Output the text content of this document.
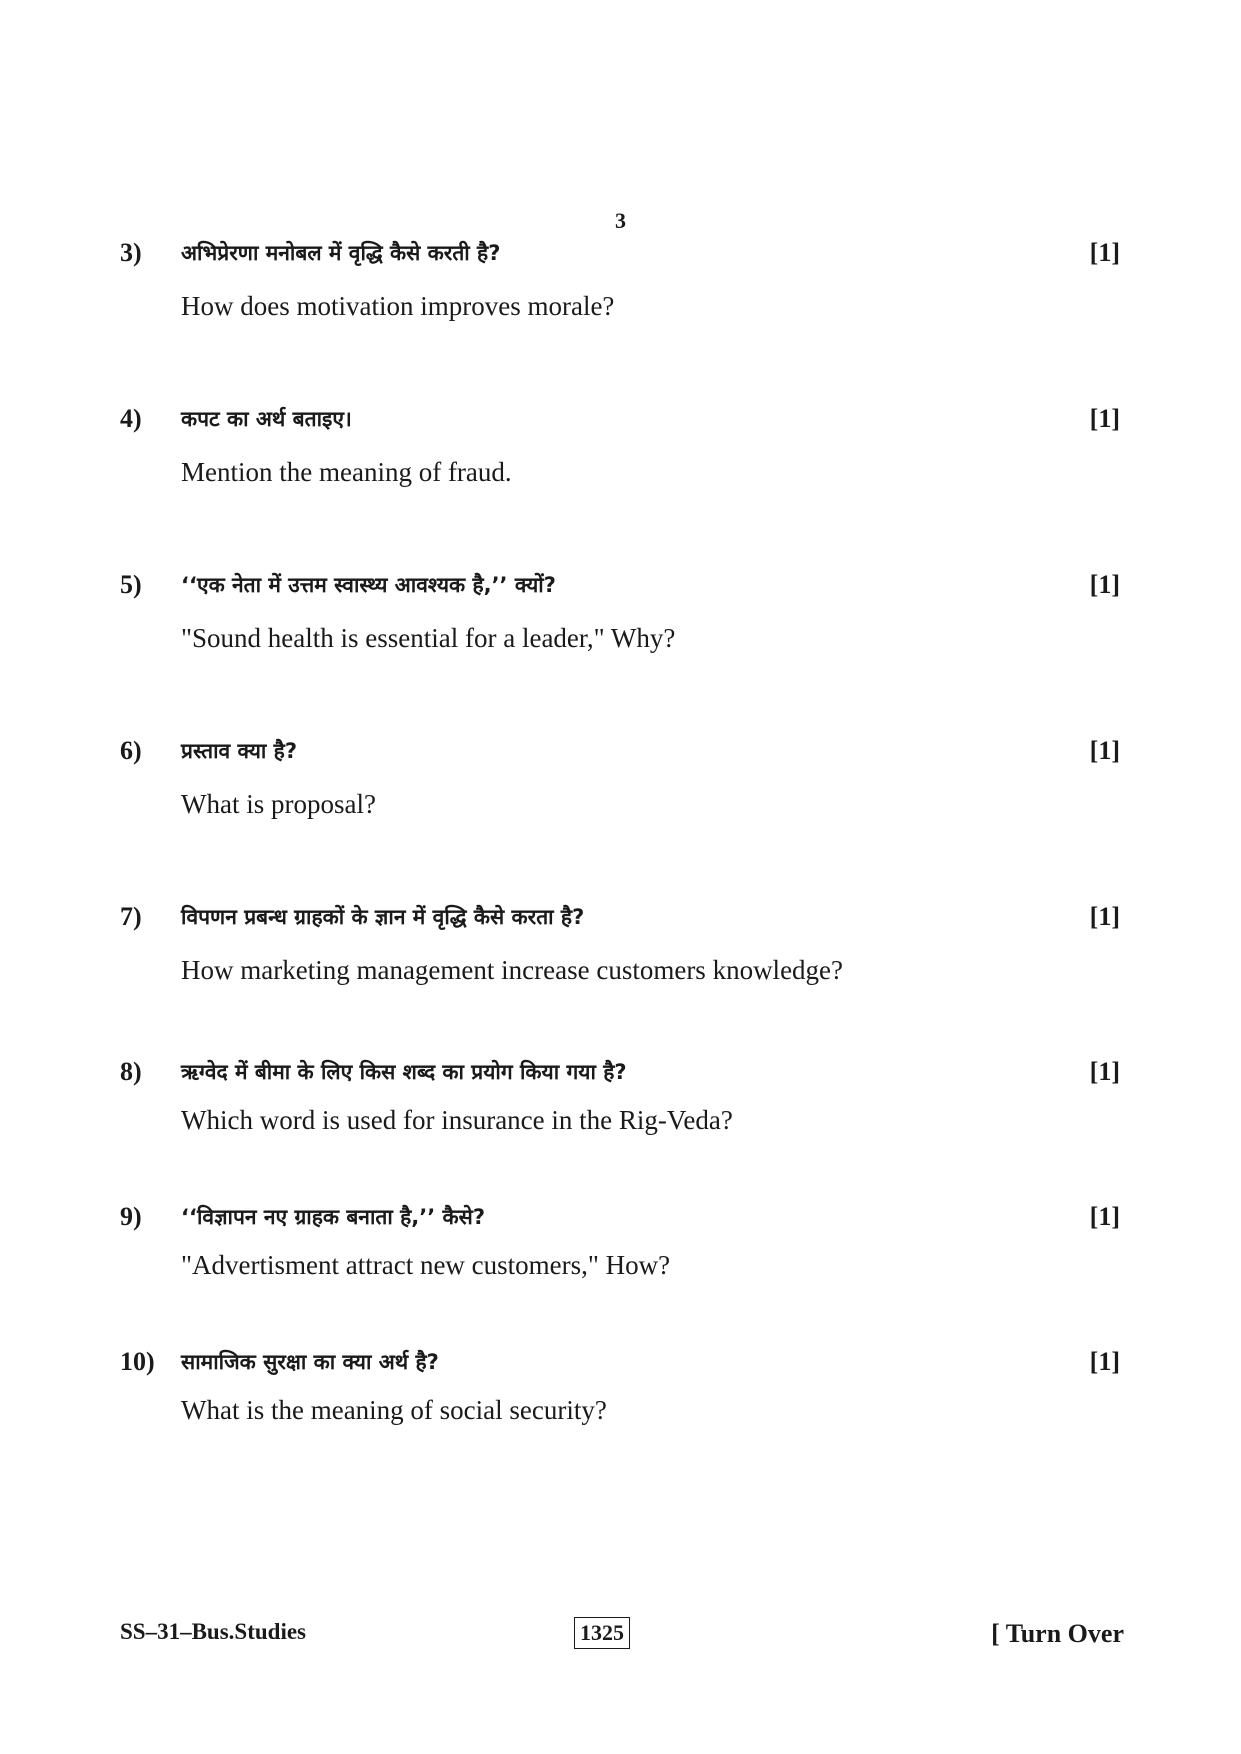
3
3) अभिप्रेरणा मनोबल में वृद्धि कैसे करती है?	[1]
How does motivation improves morale?
4) कपट का अर्थ बताइए।	[1]
Mention the meaning of fraud.
5) ‘‘एक नेता में उत्तम स्वास्थ्य आवश्यक है,’’ क्यों?	[1]
"Sound health is essential for a leader," Why?
6) प्रस्ताव क्या है?	[1]
What is proposal?
7) विपणन प्रबन्ध ग्राहकों के ज्ञान में वृद्धि कैसे करता है?	[1]
How marketing management increase customers knowledge?
8) ऋग्वेद में बीमा के लिए किस शब्द का प्रयोग किया गया है?	[1]
Which word is used for insurance in the Rig-Veda?
9) ‘‘विज्ञापन नए ग्राहक बनाता है,’’ कैसे?	[1]
"Advertisment attract new customers," How?
10) सामाजिक सुरक्षा का क्या अर्थ है?	[1]
What is the meaning of social security?
SS–31–Bus.Studies	1325	[ Turn Over
